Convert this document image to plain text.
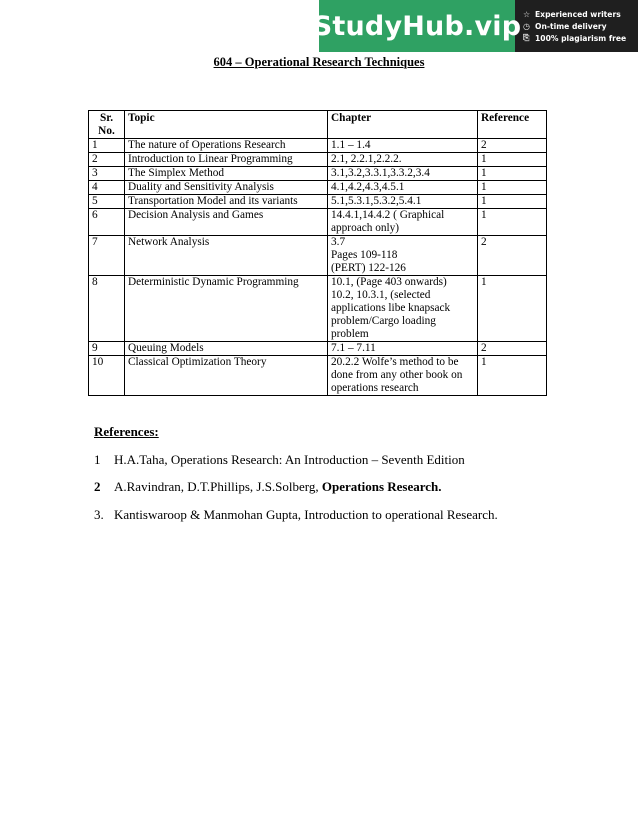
StudyHub.vip ☆ Experienced writers
◷ On-time delivery
⎘ 100% plagiarism free
604 – Operational Research Techniques
Sr.
No.	Topic	Chapter	Reference
1	The nature of Operations Research	1.1 – 1.4	2
2	Introduction to Linear Programming	2.1, 2.2.1,2.2.2.	1
3	The Simplex Method	3.1,3.2,3.3.1,3.3.2,3.4	1
4	Duality and Sensitivity Analysis	4.1,4.2,4.3,4.5.1	1
5	Transportation Model and its variants	5.1,5.3.1,5.3.2,5.4.1	1
6	Decision Analysis and Games	14.4.1,14.4.2 ( Graphical
approach only)	1
7	Network Analysis	3.7
Pages 109-118
(PERT) 122-126	2
8	Deterministic Dynamic Programming	10.1, (Page 403 onwards)
10.2, 10.3.1, (selected
applications libe knapsack
problem/Cargo loading
problem	1
9	Queuing Models	7.1 – 7.11	2
10	Classical Optimization Theory	20.2.2 Wolfe’s method to be
done from any other book on
operations research	1
References:
1 H.A.Taha, Operations Research: An Introduction – Seventh Edition
2 A.Ravindran, D.T.Phillips, J.S.Solberg, Operations Research.
3. Kantiswaroop & Manmohan Gupta, Introduction to operational Research.
